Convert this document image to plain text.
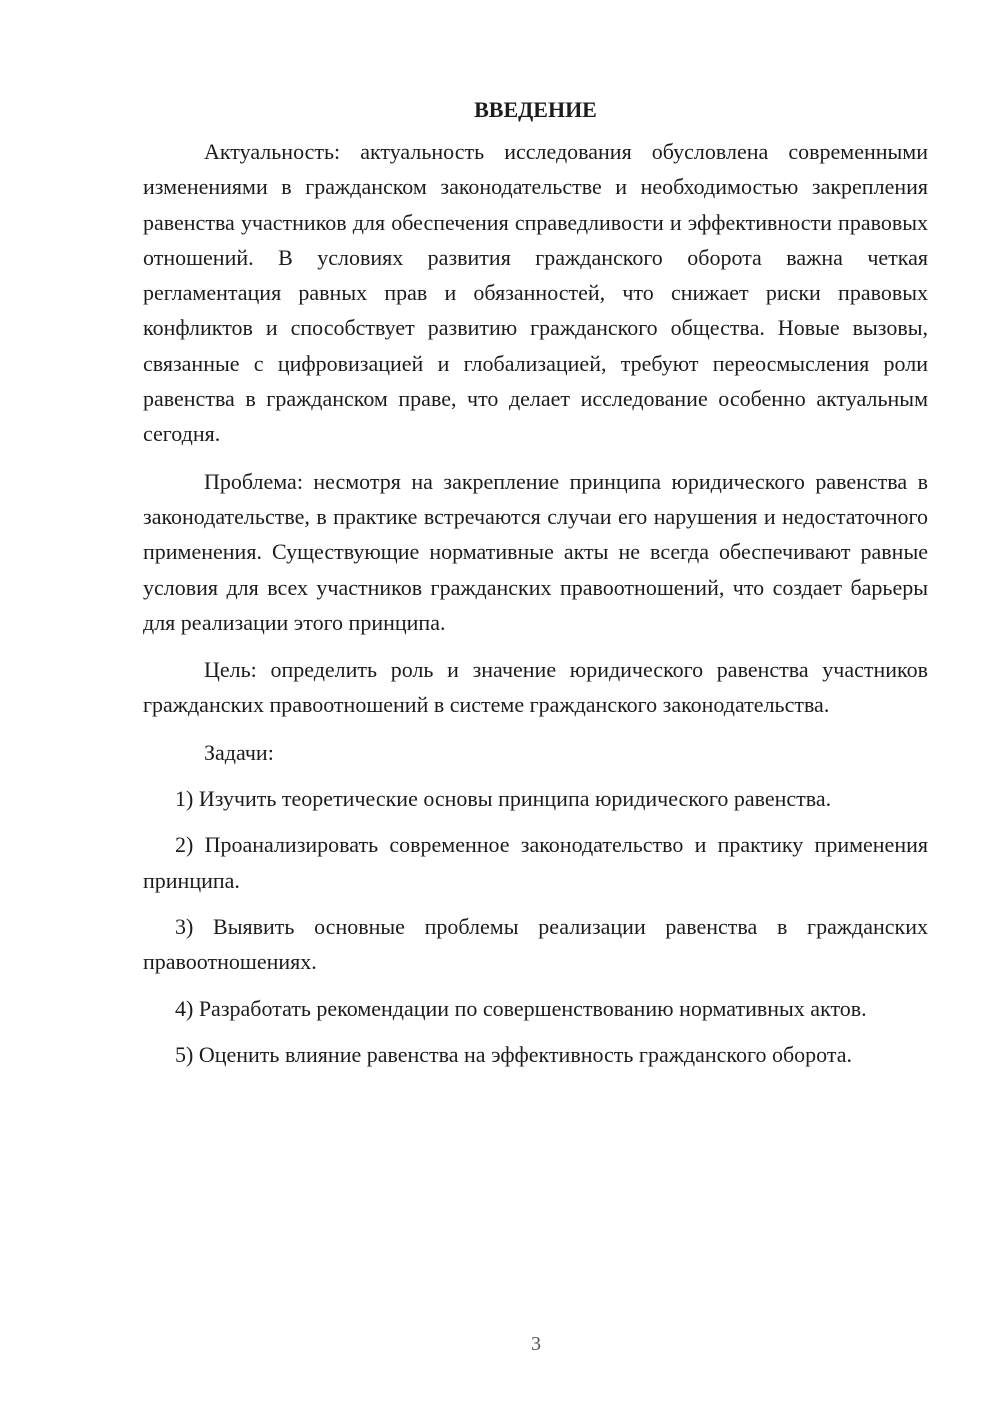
ВВЕДЕНИЕ

Актуальность: актуальность исследования обусловлена современными изменениями в гражданском законодательстве и необходимостью закрепления равенства участников для обеспечения справедливости и эффективности правовых отношений. В условиях развития гражданского оборота важна четкая регламентация равных прав и обязанностей, что снижает риски правовых конфликтов и способствует развитию гражданского общества. Новые вызовы, связанные с цифровизацией и глобализацией, требуют переосмысления роли равенства в гражданском праве, что делает исследование особенно актуальным сегодня.

Проблема: несмотря на закрепление принципа юридического равенства в законодательстве, в практике встречаются случаи его нарушения и недостаточного применения. Существующие нормативные акты не всегда обеспечивают равные условия для всех участников гражданских правоотношений, что создает барьеры для реализации этого принципа.

Цель: определить роль и значение юридического равенства участников гражданских правоотношений в системе гражданского законодательства.

Задачи:

1) Изучить теоретические основы принципа юридического равенства.

2) Проанализировать современное законодательство и практику применения принципа.

3) Выявить основные проблемы реализации равенства в гражданских правоотношениях.

4) Разработать рекомендации по совершенствованию нормативных актов.

5) Оценить влияние равенства на эффективность гражданского оборота.

3
